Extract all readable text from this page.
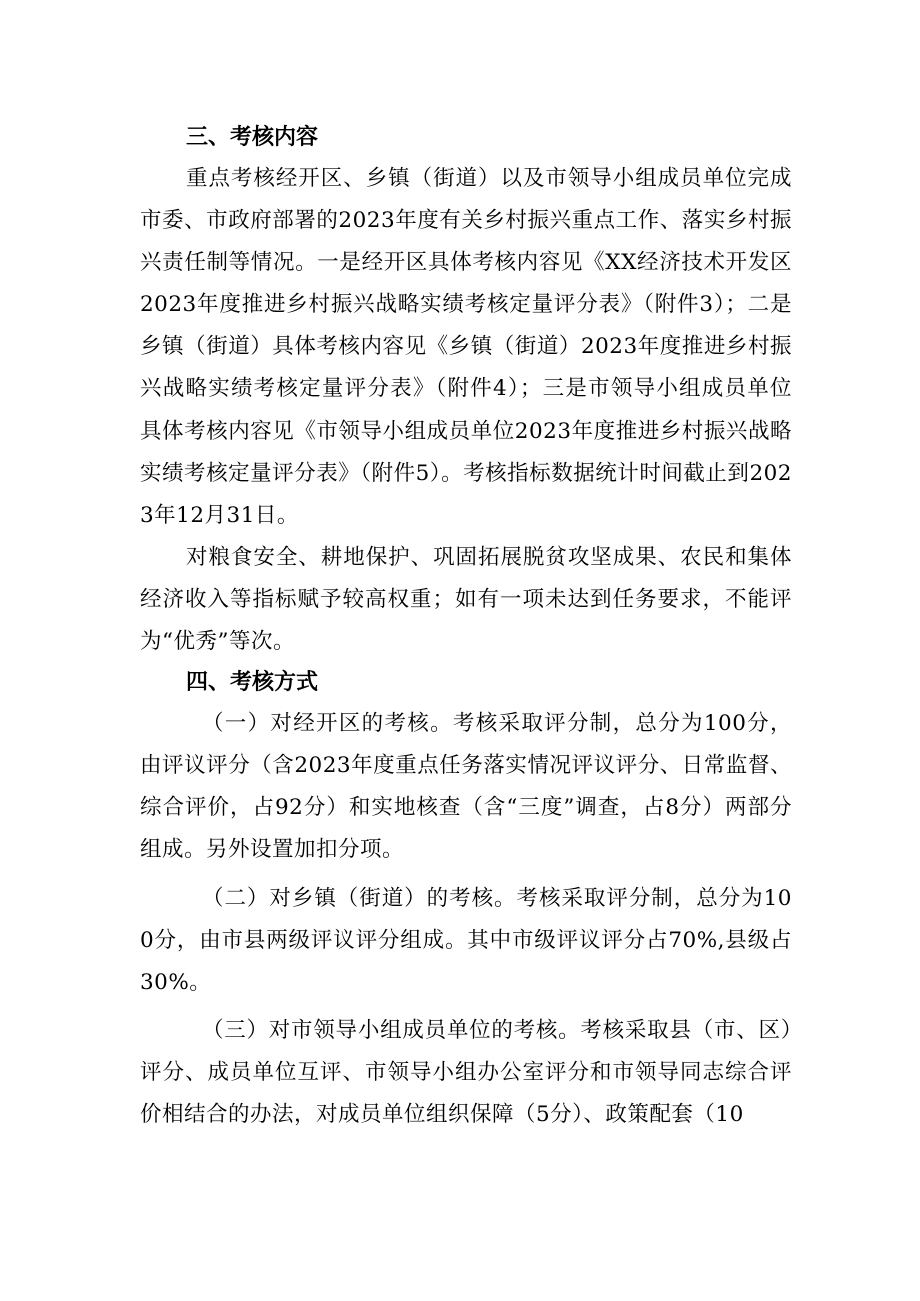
三、考核内容

重点考核经开区、乡镇（街道）以及市领导小组成员单位完成市委、市政府部署的2023年度有关乡村振兴重点工作、落实乡村振兴责任制等情况。一是经开区具体考核内容见《XX经济技术开发区2023年度推进乡村振兴战略实绩考核定量评分表》（附件3）；二是乡镇（街道）具体考核内容见《乡镇（街道）2023年度推进乡村振兴战略实绩考核定量评分表》（附件4）；三是市领导小组成员单位具体考核内容见《市领导小组成员单位2023年度推进乡村振兴战略实绩考核定量评分表》（附件5）。考核指标数据统计时间截止到2023年12月31日。

对粮食安全、耕地保护、巩固拓展脱贫攻坚成果、农民和集体经济收入等指标赋予较高权重；如有一项未达到任务要求，不能评为“优秀”等次。

四、考核方式

（一）对经开区的考核。考核采取评分制，总分为100分，由评议评分（含2023年度重点任务落实情况评议评分、日常监督、综合评价，占92分）和实地核查（含“三度”调查，占8分）两部分组成。另外设置加扣分项。

（二）对乡镇（街道）的考核。考核采取评分制，总分为100分，由市县两级评议评分组成。其中市级评议评分占70%,县级占30%。

（三）对市领导小组成员单位的考核。考核采取县（市、区）评分、成员单位互评、市领导小组办公室评分和市领导同志综合评价相结合的办法，对成员单位组织保障（5分）、政策配套（10
